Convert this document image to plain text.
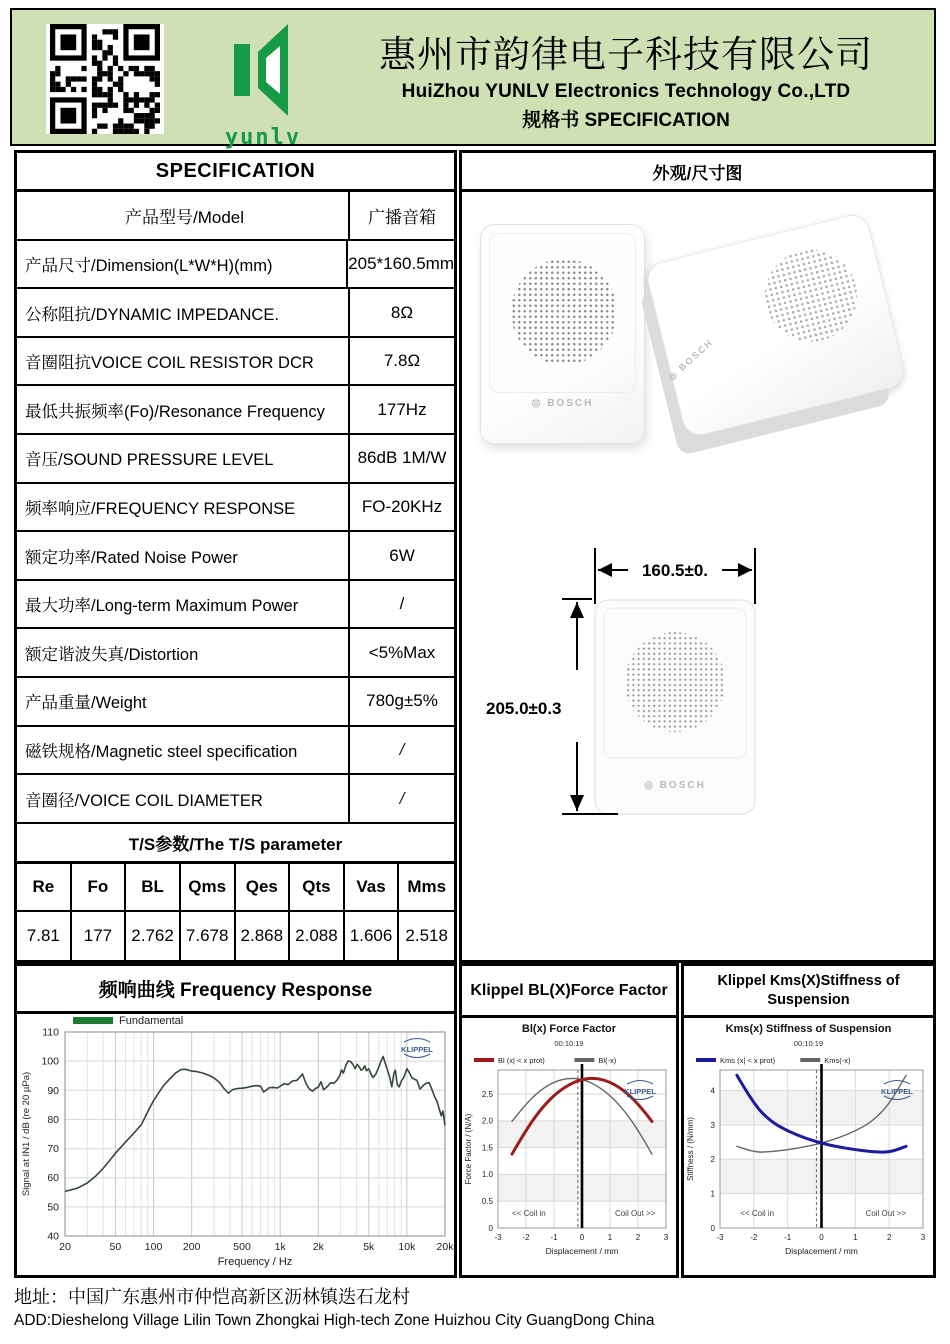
yunlv
惠州市韵律电子科技有限公司
HuiZhou YUNLV Electronics Technology Co.,LTD
规格书 SPECIFICATION
SPECIFICATION	外观/尺寸图
产品型号/Model	广播音箱
产品尺寸/Dimension(L*W*H)(mm)	205*160.5mm
公称阻抗/DYNAMIC IMPEDANCE.	8Ω
音圈阻抗VOICE COIL RESISTOR DCR	7.8Ω
最低共振频率(Fo)/Resonance Frequency	177Hz
音压/SOUND PRESSURE LEVEL	86dB 1M/W
频率响应/FREQUENCY RESPONSE	FO-20KHz
额定功率/Rated Noise Power	6W
最大功率/Long-term Maximum Power	/
额定谐波失真/Distortion	<5%Max
产品重量/Weight	780g±5%
磁铁规格/Magnetic steel specification	/
音圈径/VOICE COIL DIAMETER	/
T/S参数/The T/S parameter
Re	Fo	BL	Qms	Qes	Qts	Vas	Mms
7.81	177	2.762 7.678 2.868 2.088 1.606 2.518
◎ BOSCH
◎ BOSCH
◎ BOSCH
160.5±0.
205.0±0.3
频响曲线 Frequency Response
40
50
60
70
80
90
100
110
20	50 100 200	500 1k	2k	5k 10k 20k
Frequency / Hz
Signal at IN1 / dB (re 20 µPa)
Fundamental
KLIPPEL
Klippel BL(X)Force Factor
Bl(x) Force Factor
00:10:19
Bl (x| < x prot)	Bl(-x)
-3	-2	-1	0	1	2	3
0
0.5
1.0
1.5
2.0
2.5
Displacement / mm
Force Factor / (N/A)
<< Coil in	Coil Out >>
KLIPPEL
Klippel Kms(X)Stiffness of Suspension
Kms(x) Stiffness of Suspension
00:10:19
Kms (x| < x prot)	Kms(-x)
-3	-2	-1	0	1	2	3
0
1
2
3
4
Displacement / mm
Stiffness / (N/mm)
<< Coil in	Coil Out >>
KLIPPEL
地址：中国广东惠州市仲恺高新区沥林镇迭石龙村
ADD:Dieshelong Village Lilin Town Zhongkai High-tech Zone Huizhou City GuangDong China
